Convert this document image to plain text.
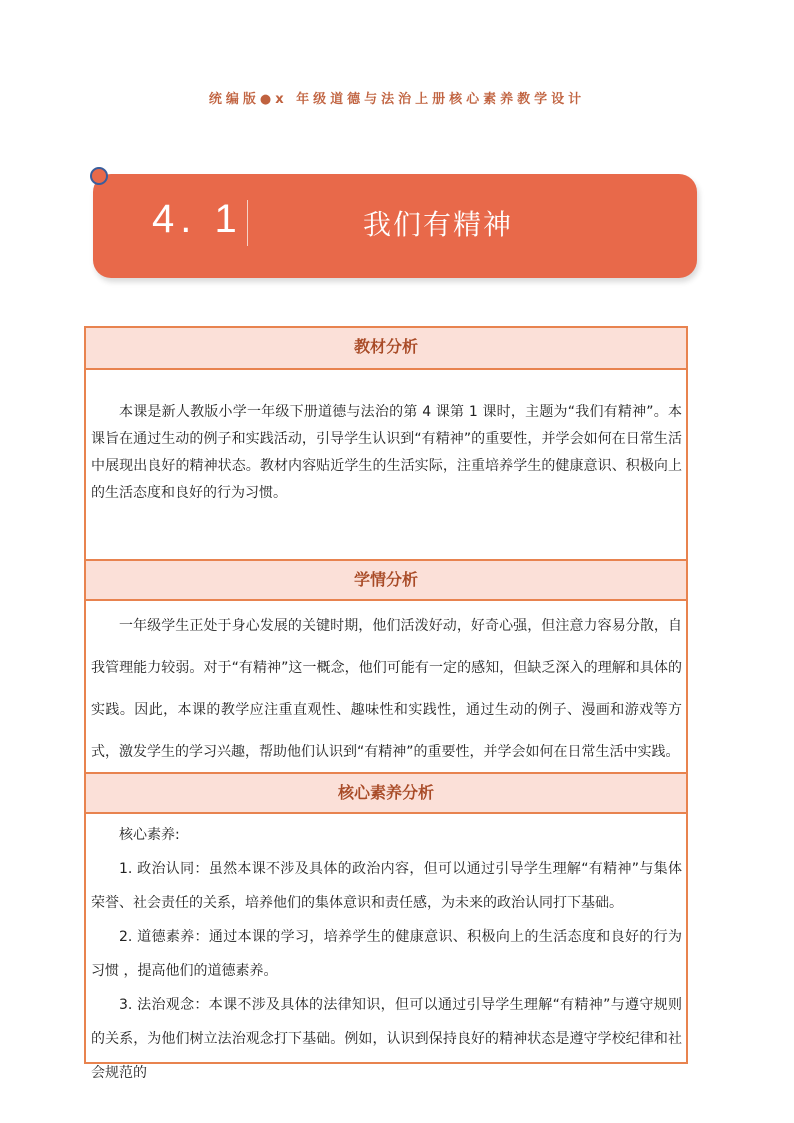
统编版●x 年级道德与法治上册核心素养教学设计
4. 1	我们有精神
教材分析

本课是新人教版小学一年级下册道德与法治的第 4 课第 1 课时，主题为“我们有精神”。本课旨在通过生动的例子和实践活动，引导学生认识到“有精神”的重要性，并学会如何在日常生活中展现出良好的精神状态。教材内容贴近学生的生活实际，注重培养学生的健康意识、积极向上的生活态度和良好的行为习惯。

学情分析

一年级学生正处于身心发展的关键时期，他们活泼好动，好奇心强，但注意力容易分散，自我管理能力较弱。对于“有精神”这一概念，他们可能有一定的感知，但缺乏深入的理解和具体的实践。因此，本课的教学应注重直观性、趣味性和实践性，通过生动的例子、漫画和游戏等方式，激发学生的学习兴趣，帮助他们认识到“有精神”的重要性，并学会如何在日常生活中实践。

核心素养分析

核心素养:

1. 政治认同：虽然本课不涉及具体的政治内容，但可以通过引导学生理解“有精神”与集体荣誉、社会责任的关系，培养他们的集体意识和责任感，为未来的政治认同打下基础。

2. 道德素养：通过本课的学习，培养学生的健康意识、积极向上的生活态度和良好的行为习惯 ，提高他们的道德素养。

3. 法治观念：本课不涉及具体的法律知识，但可以通过引导学生理解“有精神”与遵守规则的关系，为他们树立法治观念打下基础。例如，认识到保持良好的精神状态是遵守学校纪律和社会规范的
